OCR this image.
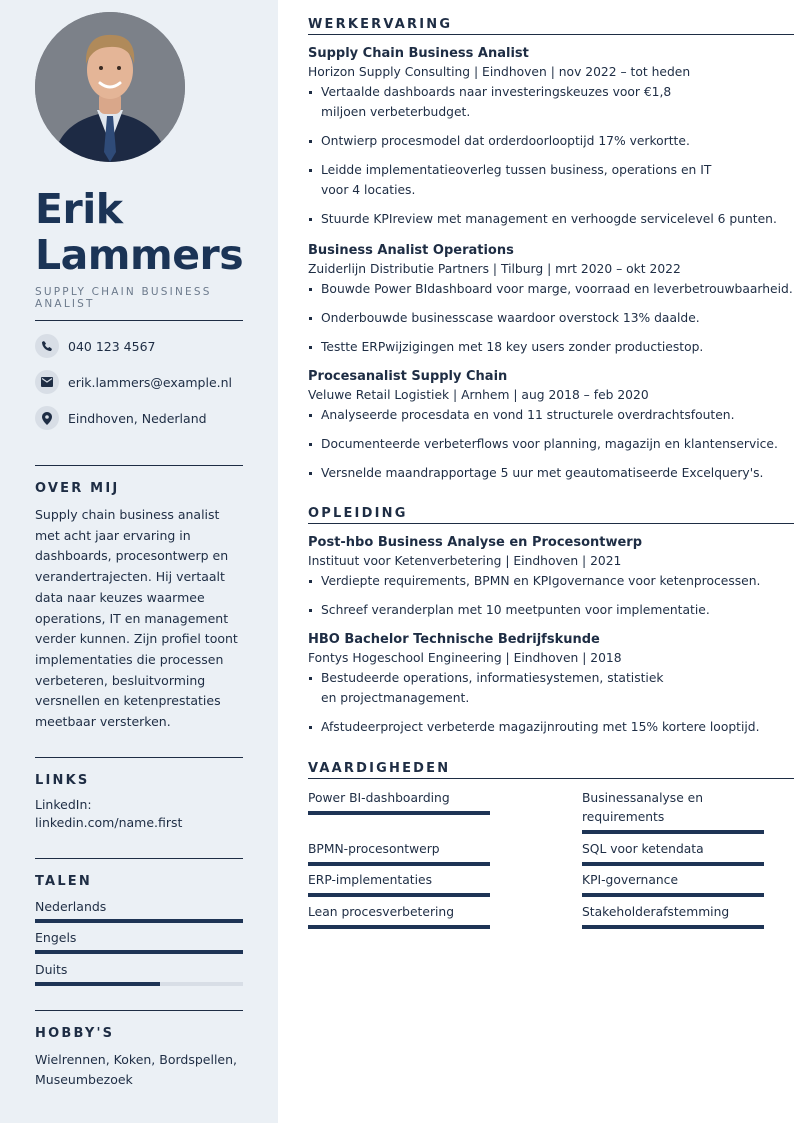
Erik
Lammers
SUPPLY CHAIN BUSINESS ANALIST
040 123 4567
erik.lammers@example.nl
Eindhoven, Nederland
OVER MIJ
Supply chain business analist met acht jaar ervaring in dashboards, procesontwerp en verandertrajecten. Hij vertaalt data naar keuzes waarmee operations, IT en management verder kunnen. Zijn profiel toont implementaties die processen verbeteren, besluitvorming versnellen en ketenprestaties meetbaar versterken.
LINKS
LinkedIn:
linkedin.com/name.first
TALEN
Nederlands
Engels
Duits
HOBBY'S
Wielrennen, Koken, Bordspellen, Museumbezoek
WERKERVARING
Supply Chain Business Analist
Horizon Supply Consulting | Eindhoven | nov 2022 – tot heden
Vertaalde dashboards naar investeringskeuzes voor €1,8 miljoen verbeterbudget.
Ontwierp procesmodel dat orderdoorlooptijd 17% verkortte.
Leidde implementatieoverleg tussen business, operations en IT voor 4 locaties.
Stuurde KPIreview met management en verhoogde servicelevel 6 punten.
Business Analist Operations
Zuiderlijn Distributie Partners | Tilburg | mrt 2020 – okt 2022
Bouwde Power BIdashboard voor marge, voorraad en leverbetrouwbaarheid.
Onderbouwde businesscase waardoor overstock 13% daalde.
Testte ERPwijzigingen met 18 key users zonder productiestop.
Procesanalist Supply Chain
Veluwe Retail Logistiek | Arnhem | aug 2018 – feb 2020
Analyseerde procesdata en vond 11 structurele overdrachtsfouten.
Documenteerde verbeterflows voor planning, magazijn en klantenservice.
Versnelde maandrapportage 5 uur met geautomatiseerde Excelquery's.
OPLEIDING
Post-hbo Business Analyse en Procesontwerp
Instituut voor Ketenverbetering | Eindhoven | 2021
Verdiepte requirements, BPMN en KPIgovernance voor ketenprocessen.
Schreef veranderplan met 10 meetpunten voor implementatie.
HBO Bachelor Technische Bedrijfskunde
Fontys Hogeschool Engineering | Eindhoven | 2018
Bestudeerde operations, informatiesystemen, statistiek en projectmanagement.
Afstudeerproject verbeterde magazijnrouting met 15% kortere looptijd.
VAARDIGHEDEN
Power BI-dashboarding	Businessanalyse en requirements
BPMN-procesontwerp	SQL voor ketendata
ERP-implementaties	KPI-governance
Lean procesverbetering	Stakeholderafstemming
